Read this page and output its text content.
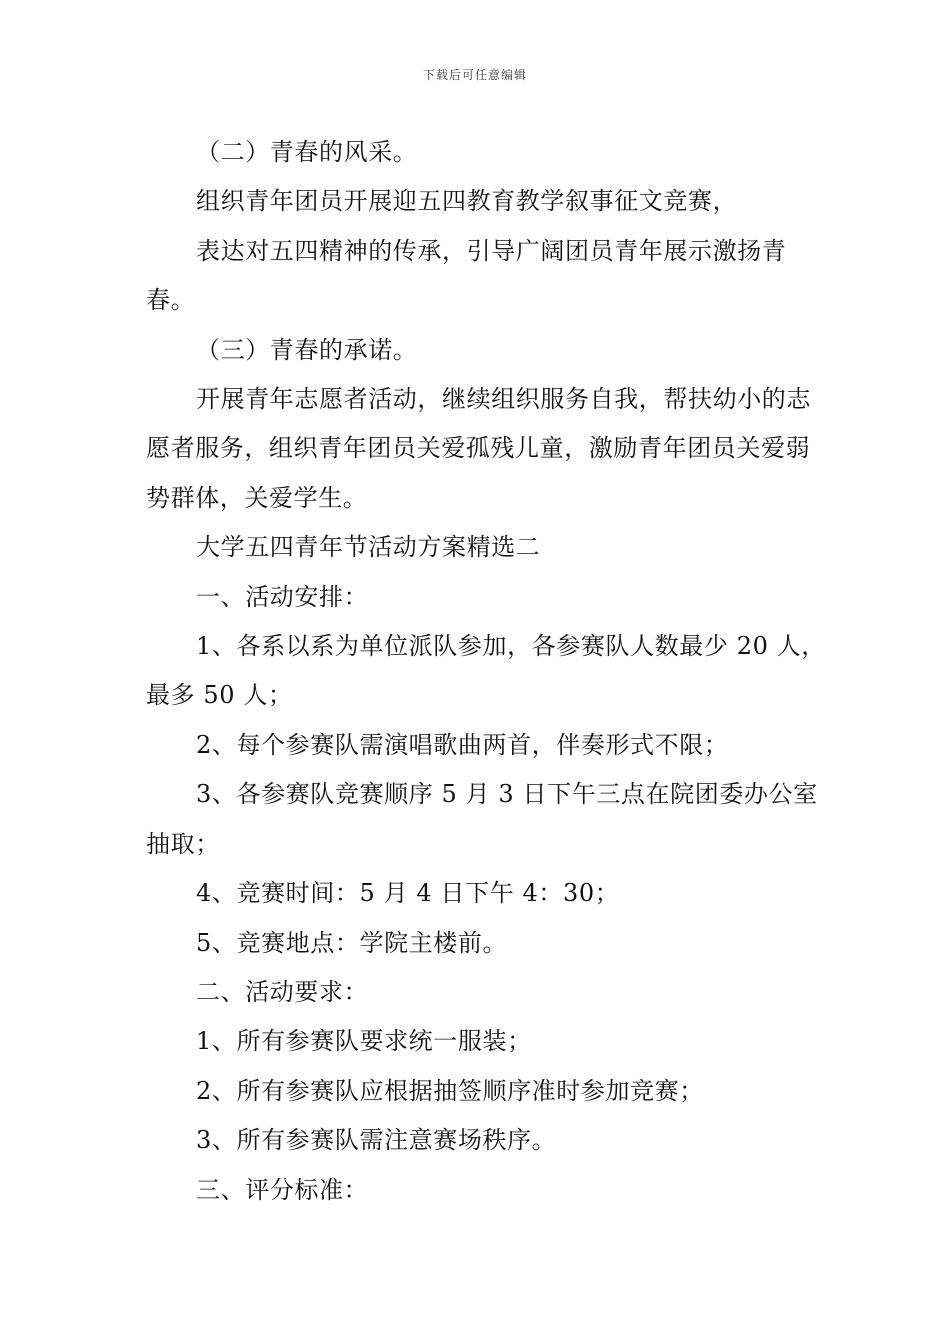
下载后可任意编辑

（二）青春的风采。

组织青年团员开展迎五四教育教学叙事征文竞赛，

表达对五四精神的传承，引导广阔团员青年展示激扬青春。

（三）青春的承诺。

开展青年志愿者活动，继续组织服务自我，帮扶幼小的志愿者服务，组织青年团员关爱孤残儿童，激励青年团员关爱弱势群体，关爱学生。

大学五四青年节活动方案精选二

一、活动安排：

1、各系以系为单位派队参加，各参赛队人数最少 20 人，最多 50 人；

2、每个参赛队需演唱歌曲两首，伴奏形式不限；

3、各参赛队竞赛顺序 5 月 3 日下午三点在院团委办公室抽取；

4、竞赛时间：5 月 4 日下午 4：30；

5、竞赛地点：学院主楼前。

二、活动要求：

1、所有参赛队要求统一服装；

2、所有参赛队应根据抽签顺序准时参加竞赛；

3、所有参赛队需注意赛场秩序。

三、评分标准：
